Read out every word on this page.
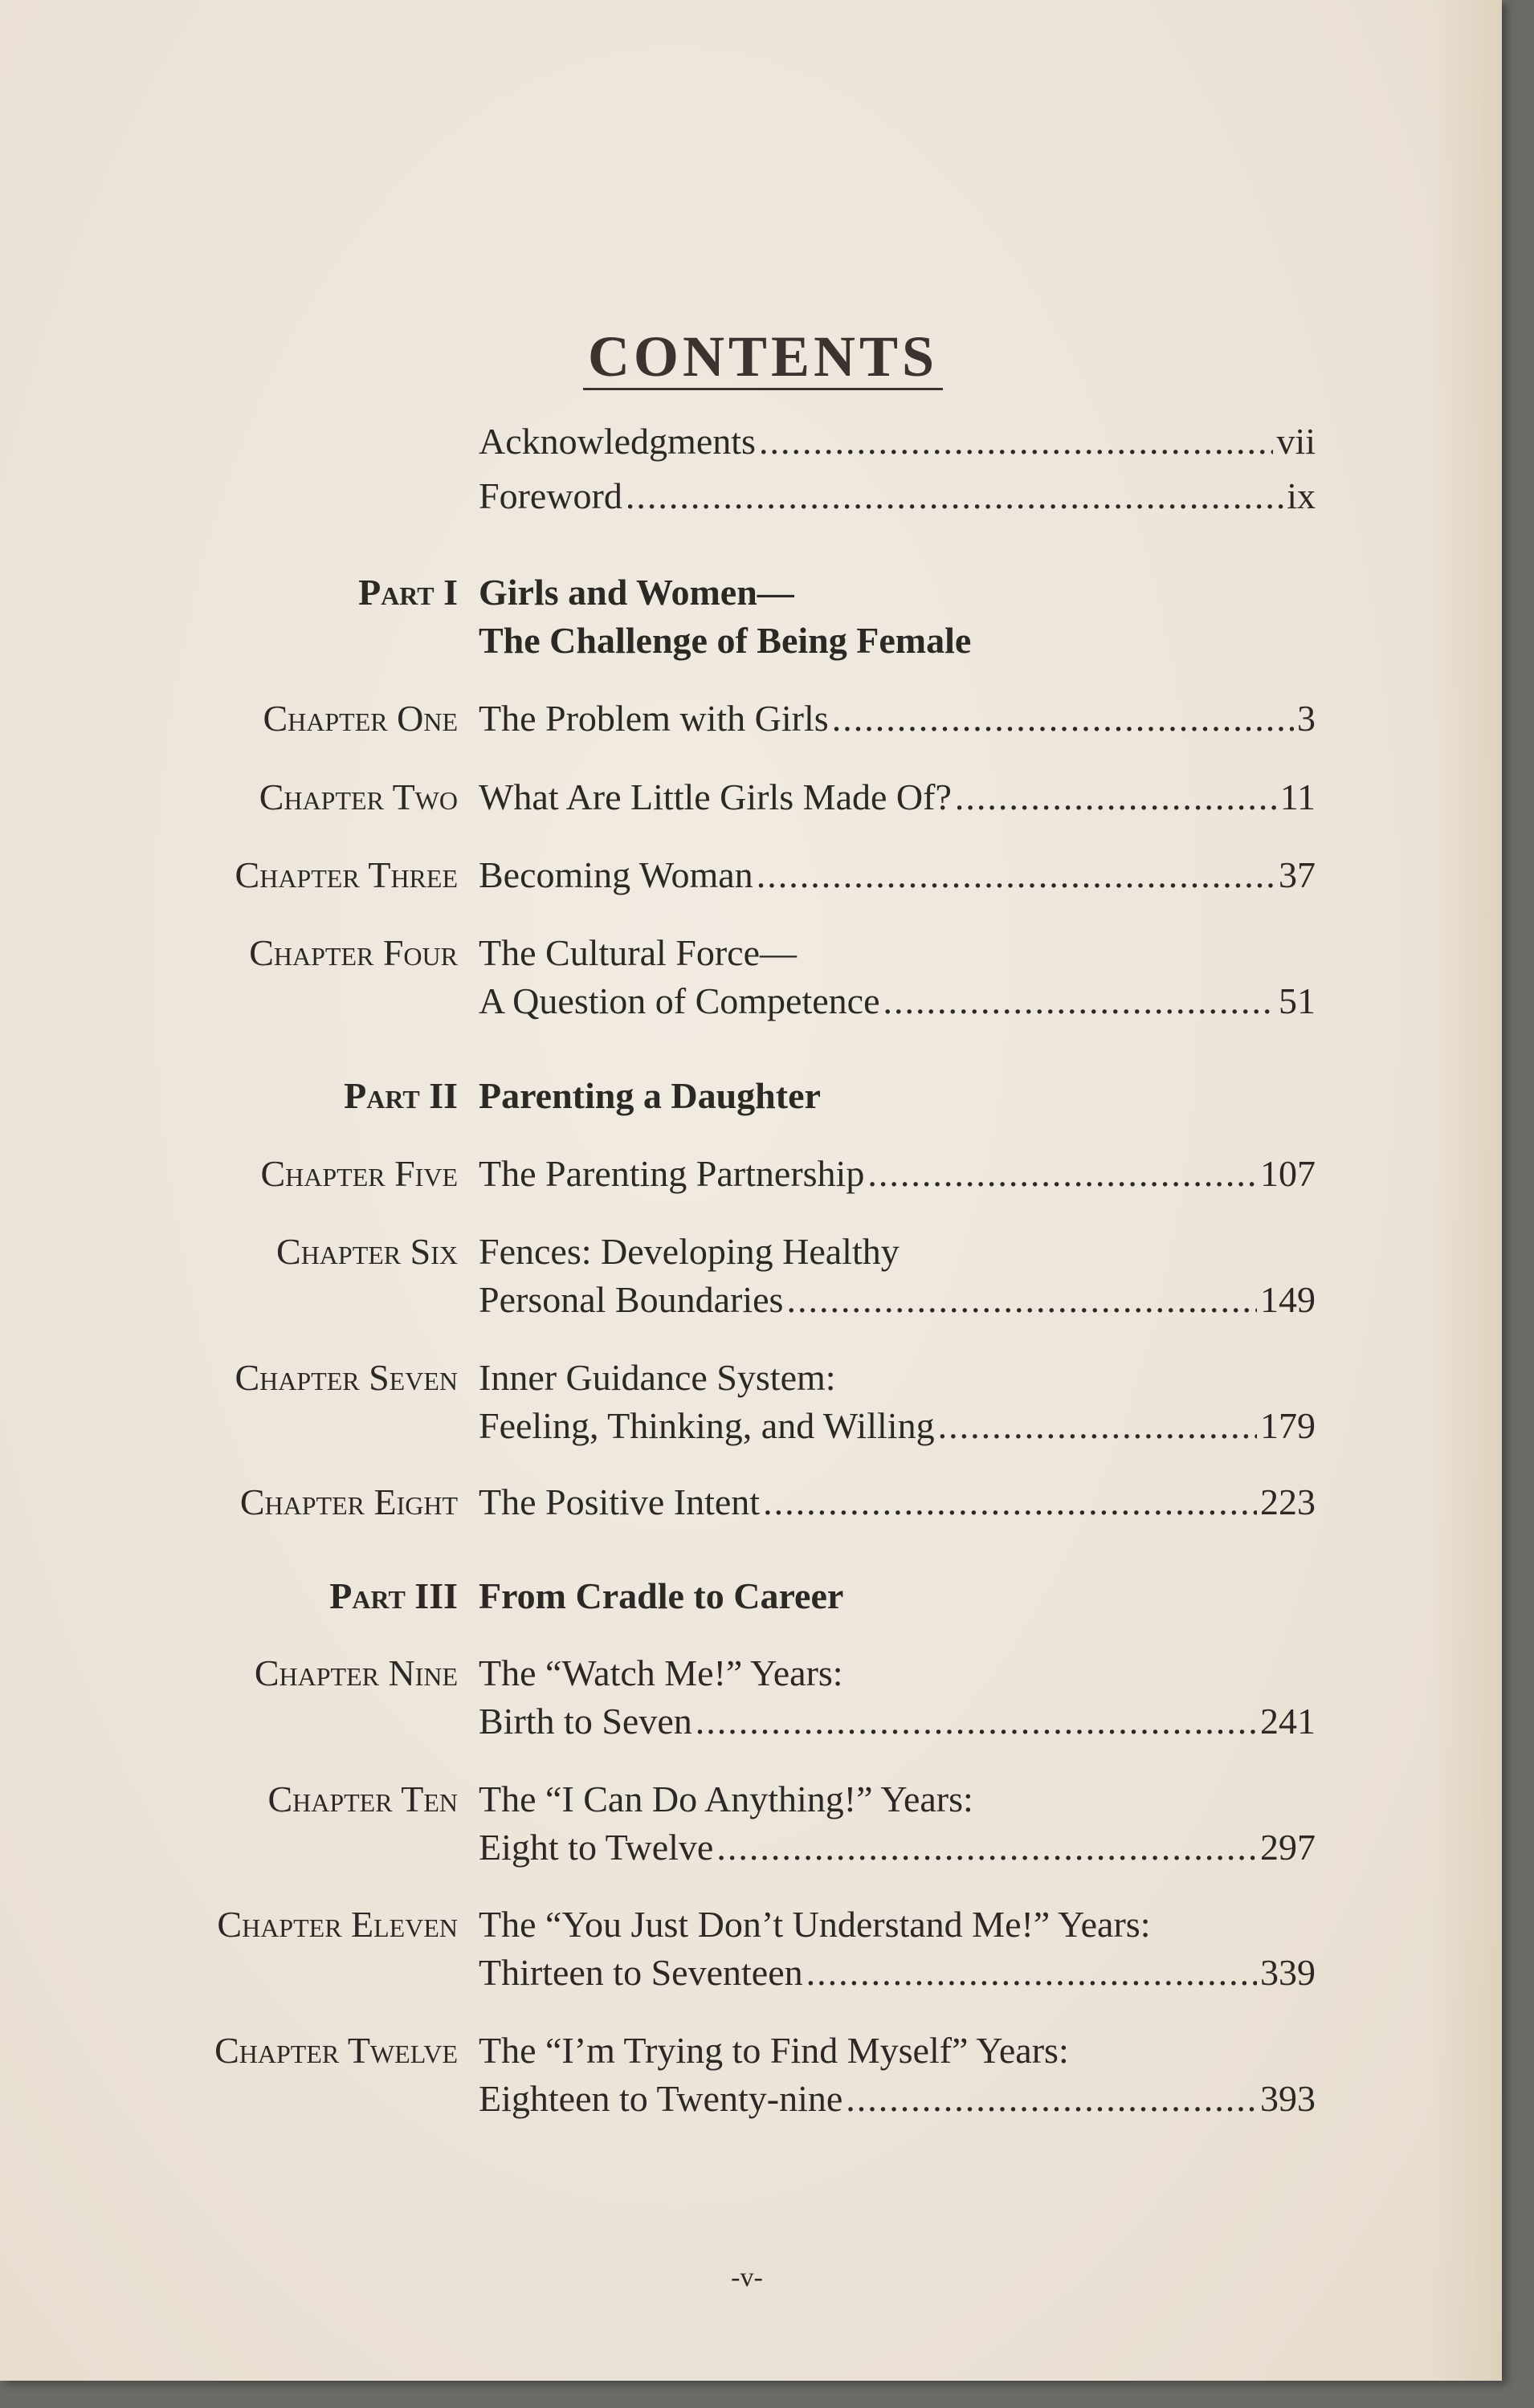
CONTENTS
Acknowledgments .....	vii
Foreword .....	ix
Part I Girls and Women—
The Challenge of Being Female
Chapter One The Problem with Girls .....	3
Chapter Two What Are Little Girls Made Of? .....	11
Chapter Three Becoming Woman .....	37
Chapter Four The Cultural Force—
A Question of Competence .....	51
Part II Parenting a Daughter
Chapter Five The Parenting Partnership .....	107
Chapter Six Fences: Developing Healthy
Personal Boundaries .....	149
Chapter Seven Inner Guidance System:
Feeling, Thinking, and Willing .....	179
Chapter Eight The Positive Intent .....	223
Part III From Cradle to Career
Chapter Nine The “Watch Me!” Years:
Birth to Seven .....	241
Chapter Ten The “I Can Do Anything!” Years:
Eight to Twelve .....	297
Chapter Eleven The “You Just Don’t Understand Me!” Years:
Thirteen to Seventeen .....	339
Chapter Twelve The “I’m Trying to Find Myself” Years:
Eighteen to Twenty-nine .....	393
-v-
